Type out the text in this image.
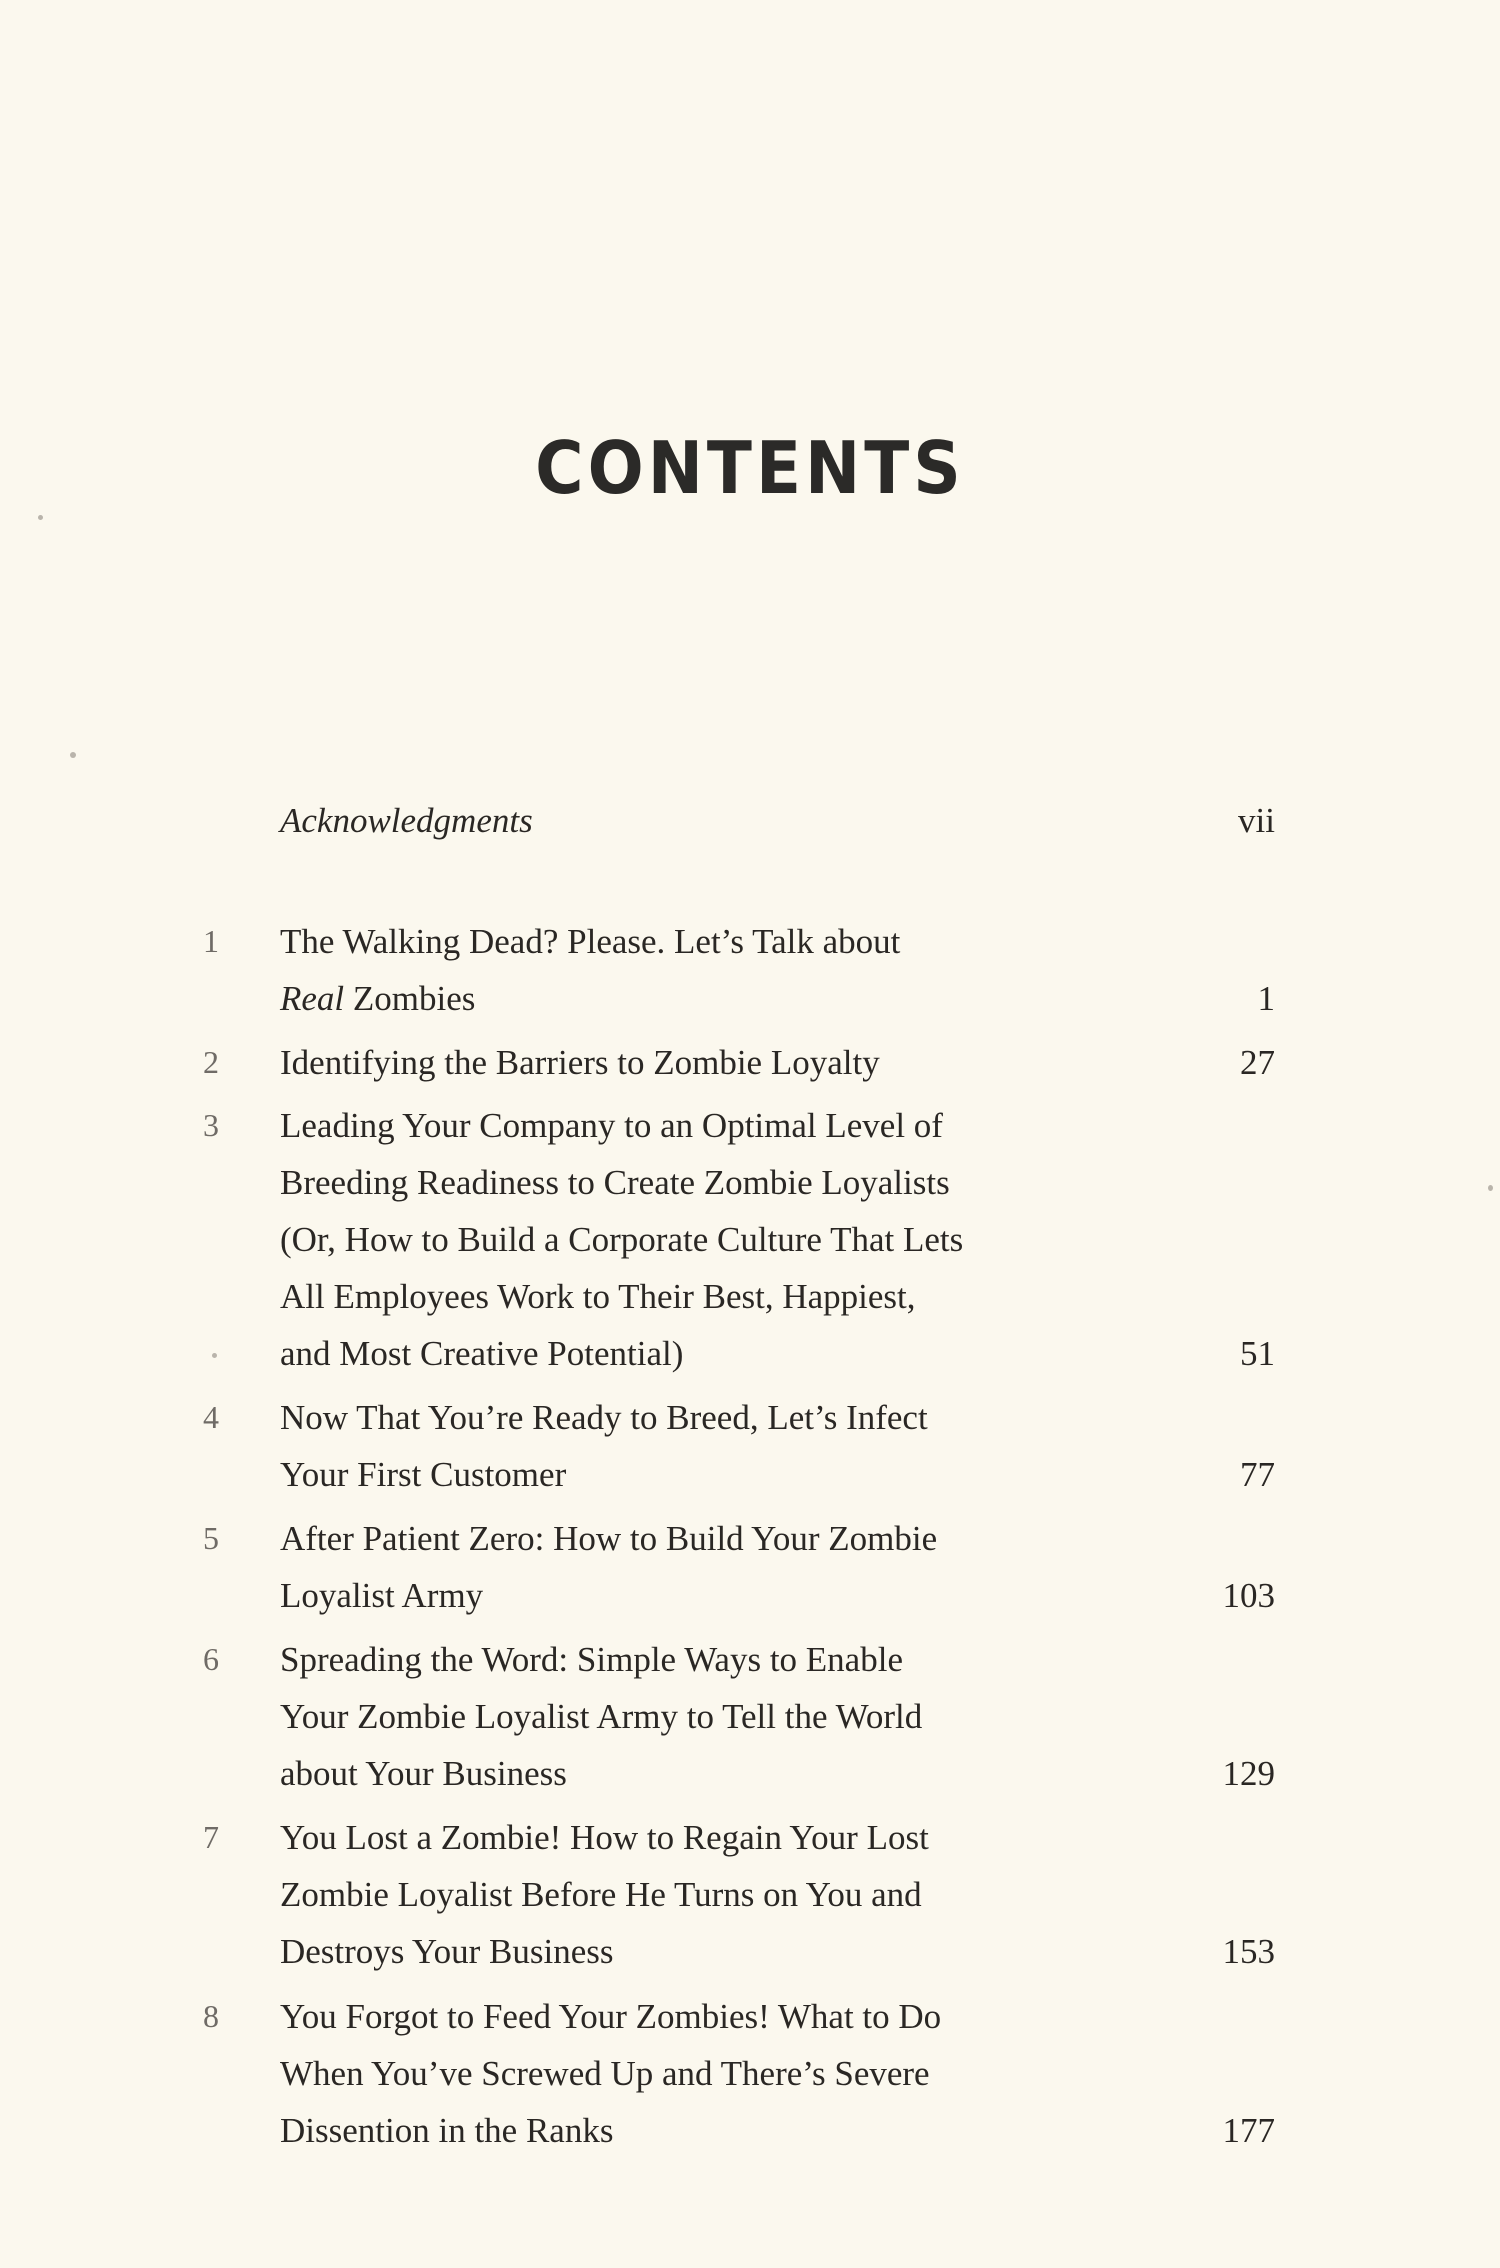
CONTENTS
Acknowledgments	vii
1 The Walking Dead? Please. Let’s Talk about
Real Zombies	1
2 Identifying the Barriers to Zombie Loyalty	27
3 Leading Your Company to an Optimal Level of
Breeding Readiness to Create Zombie Loyalists
(Or, How to Build a Corporate Culture That Lets
All Employees Work to Their Best, Happiest,
and Most Creative Potential)	51
4 Now That You’re Ready to Breed, Let’s Infect
Your First Customer	77
5 After Patient Zero: How to Build Your Zombie
Loyalist Army	103
6 Spreading the Word: Simple Ways to Enable
Your Zombie Loyalist Army to Tell the World
about Your Business	129
7 You Lost a Zombie! How to Regain Your Lost
Zombie Loyalist Before He Turns on You and
Destroys Your Business	153
8 You Forgot to Feed Your Zombies! What to Do
When You’ve Screwed Up and There’s Severe
Dissention in the Ranks	177
